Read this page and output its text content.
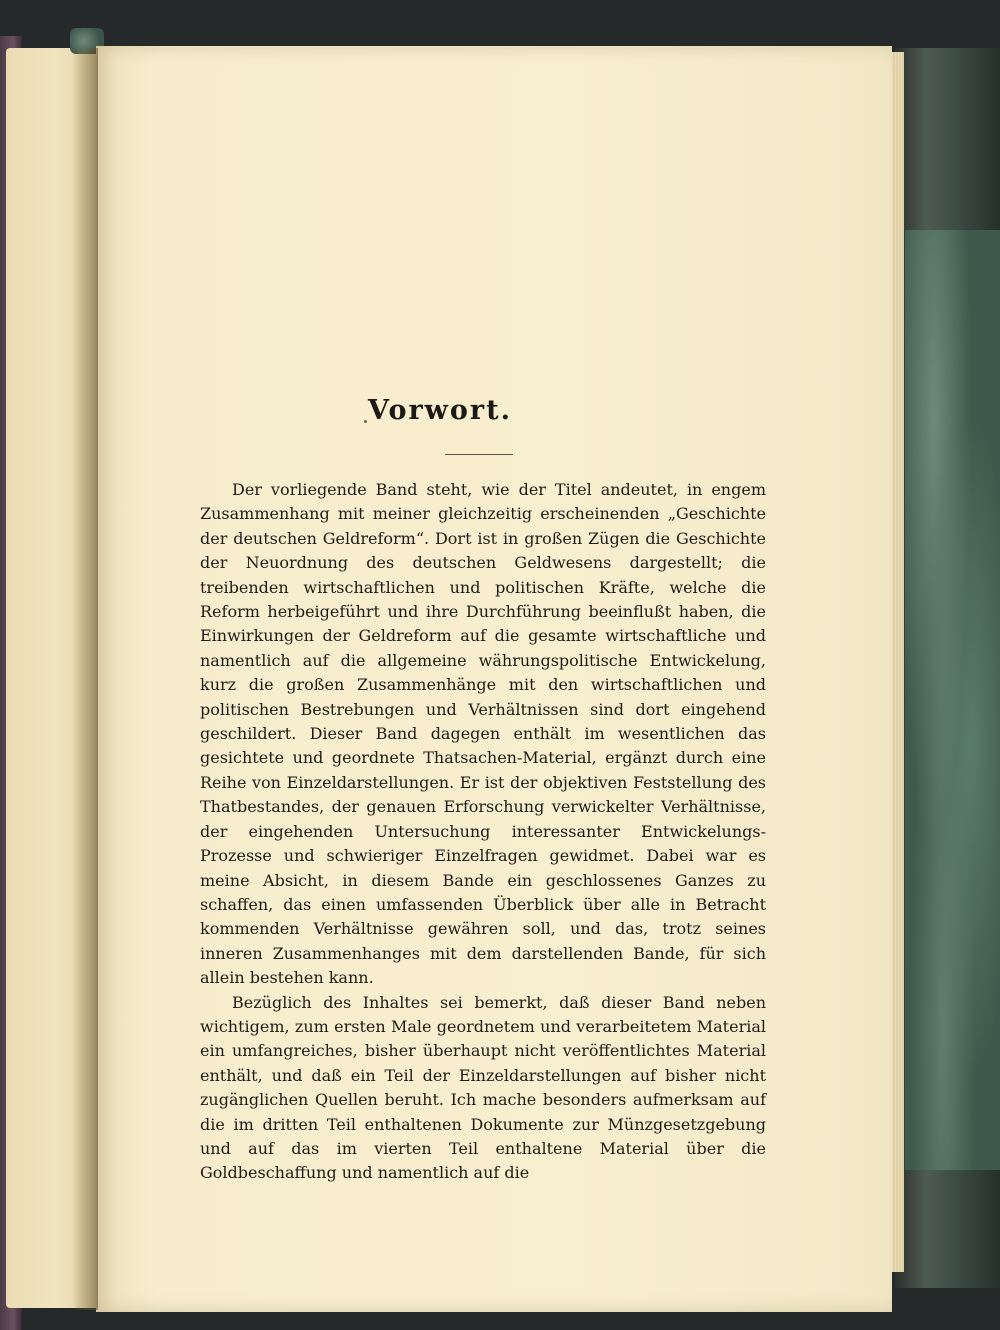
Vorwort.

Der vorliegende Band steht, wie der Titel andeutet, in engem Zusammenhang mit meiner gleichzeitig erscheinenden „Geschichte der deutschen Geldreform“. Dort ist in großen Zügen die Geschichte der Neuordnung des deutschen Geldwesens dargestellt; die treibenden wirtschaftlichen und politischen Kräfte, welche die Reform herbeigeführt und ihre Durchführung beeinflußt haben, die Einwirkungen der Geldreform auf die gesamte wirtschaftliche und namentlich auf die allgemeine währungspolitische Entwickelung, kurz die großen Zusammenhänge mit den wirtschaftlichen und politischen Bestrebungen und Verhältnissen sind dort eingehend geschildert. Dieser Band dagegen enthält im wesentlichen das gesichtete und geordnete Thatsachen-Material, ergänzt durch eine Reihe von Einzeldarstellungen. Er ist der objektiven Feststellung des Thatbestandes, der genauen Erforschung verwickelter Verhältnisse, der eingehenden Untersuchung interessanter Entwickelungs-Prozesse und schwieriger Einzelfragen gewidmet. Dabei war es meine Absicht, in diesem Bande ein geschlossenes Ganzes zu schaffen, das einen umfassenden Überblick über alle in Betracht kommenden Verhältnisse gewähren soll, und das, trotz seines inneren Zusammenhanges mit dem darstellenden Bande, für sich allein bestehen kann.

Bezüglich des Inhaltes sei bemerkt, daß dieser Band neben wichtigem, zum ersten Male geordnetem und verarbeitetem Material ein umfangreiches, bisher überhaupt nicht veröffentlichtes Material enthält, und daß ein Teil der Einzeldarstellungen auf bisher nicht zugänglichen Quellen beruht. Ich mache besonders aufmerksam auf die im dritten Teil enthaltenen Dokumente zur Münzgesetzgebung und auf das im vierten Teil enthaltene Material über die Goldbeschaffung und namentlich auf die
